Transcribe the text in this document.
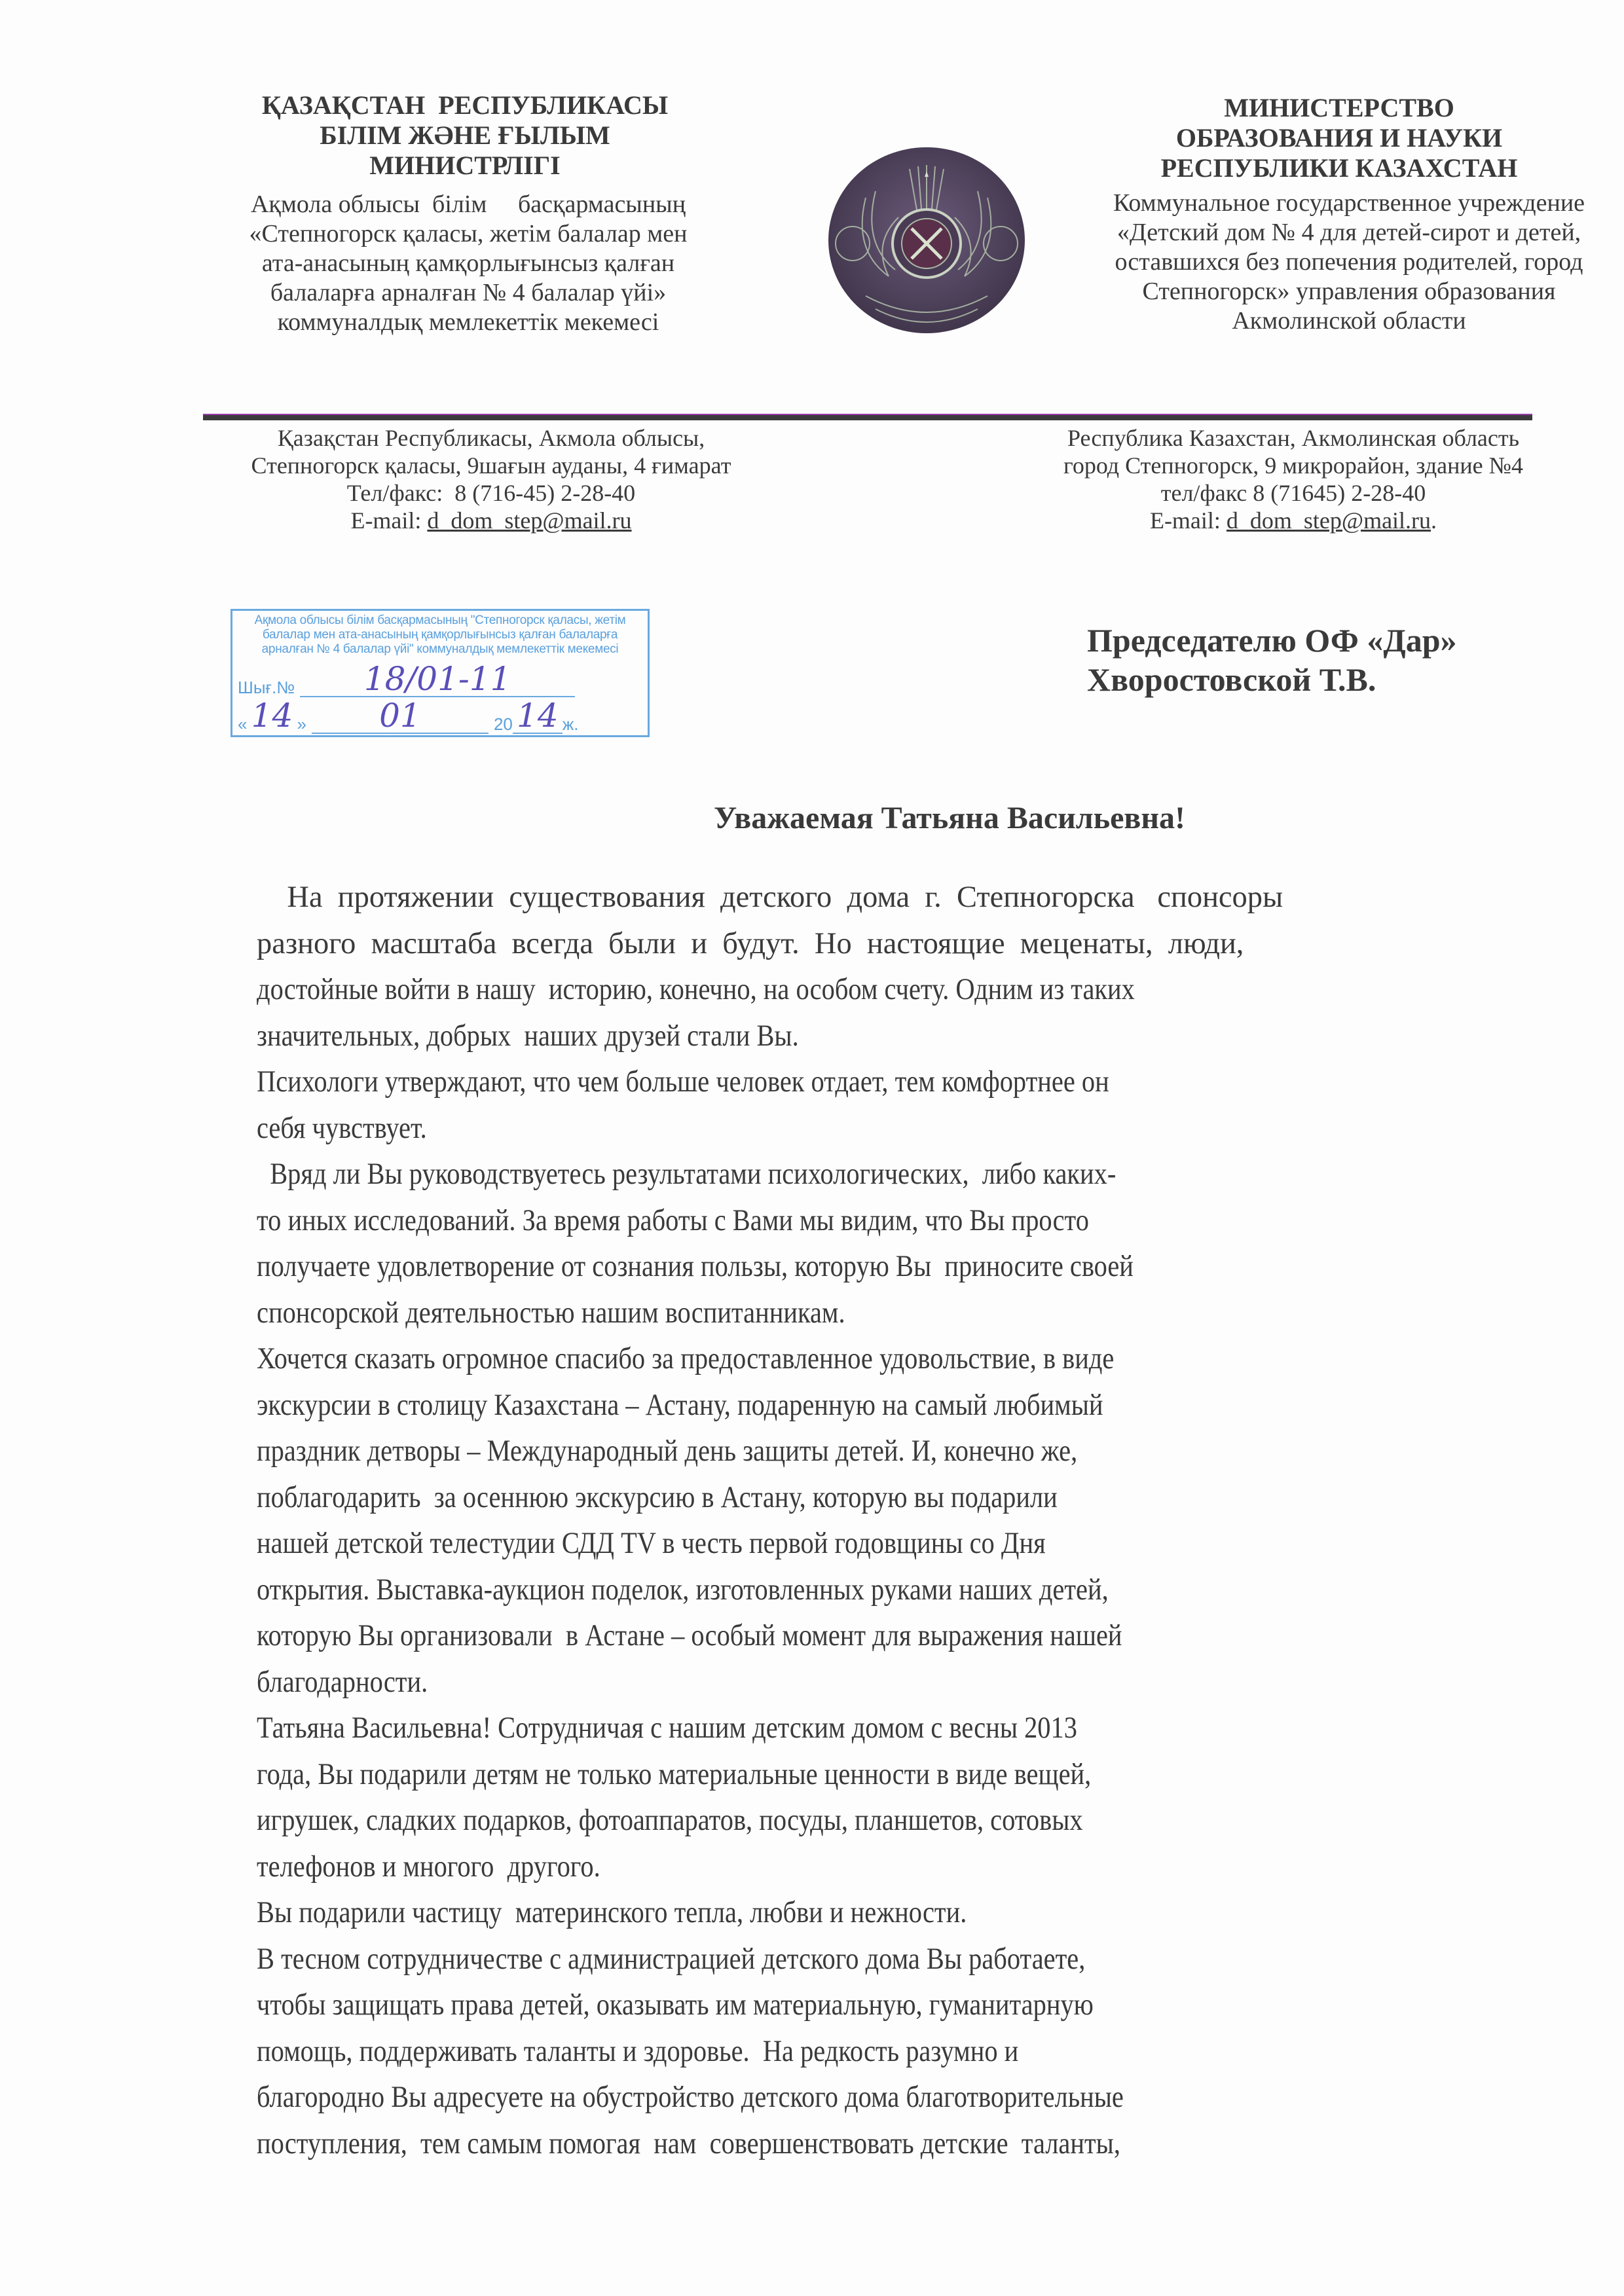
ҚАЗАҚСТАН  РЕСПУБЛИКАСЫ
БІЛІМ ЖӘНЕ ҒЫЛЫМ
МИНИСТРЛІГІ
Ақмола облысы  білім     басқармасының
«Степногорск қаласы, жетім балалар мен
ата-анасының қамқорлығынсыз қалған
балаларға арналған № 4 балалар үйі»
коммуналдық мемлекеттік мекемесі
МИНИСТЕРСТВО
ОБРАЗОВАНИЯ И НАУКИ
РЕСПУБЛИКИ КАЗАХСТАН
Коммунальное государственное учреждение
«Детский дом № 4 для детей-сирот и детей,
оставшихся без попечения родителей, город
Степногорск» управления образования
Акмолинской области
Қазақстан Республикасы, Акмола облысы,
Степногорск қаласы, 9шағын ауданы, 4 ғимарат
Тел/факс:  8 (716-45) 2-28-40
E-mail: d_dom_step@mail.ru
Республика Казахстан, Акмолинская область
город Степногорск, 9 микрорайон, здание №4
тел/факс 8 (71645) 2-28-40
E-mail: d_dom_step@mail.ru.
Ақмола облысы білім басқармасының "Степногорск қаласы, жетім
балалар мен ата-анасының қамқорлығынсыз қалған балаларға
арналған № 4 балалар үйі" коммуналдық мемлекеттік мекемесі
Шығ.№ 18/01-11
« 14 » 01	20 14 ж.
Председателю ОФ «Дар»
Хворостовской Т.В.
Уважаемая Татьяна Васильевна!
На  протяжении  существования  детского  дома  г.  Степногорска   спонсоры
разного  масштаба  всегда  были  и  будут.  Но  настоящие  меценаты,  люди,
достойные войти в нашу  историю, конечно, на особом счету. Одним из таких
значительных, добрых  наших друзей стали Вы.
Психологи утверждают, что чем больше человек отдает, тем комфортнее он
себя чувствует.
Вряд ли Вы руководствуетесь результатами психологических,  либо каких-
то иных исследований. За время работы с Вами мы видим, что Вы просто
получаете удовлетворение от сознания пользы, которую Вы  приносите своей
спонсорской деятельностью нашим воспитанникам.
Хочется сказать огромное спасибо за предоставленное удовольствие, в виде
экскурсии в столицу Казахстана – Астану, подаренную на самый любимый
праздник детворы – Международный день защиты детей. И, конечно же,
поблагодарить  за осеннюю экскурсию в Астану, которую вы подарили
нашей детской телестудии СДД TV в честь первой годовщины со Дня
открытия. Выставка-аукцион поделок, изготовленных руками наших детей,
которую Вы организовали  в Астане – особый момент для выражения нашей
благодарности.
Татьяна Васильевна! Сотрудничая с нашим детским домом с весны 2013
года, Вы подарили детям не только материальные ценности в виде вещей,
игрушек, сладких подарков, фотоаппаратов, посуды, планшетов, сотовых
телефонов и многого  другого.
Вы подарили частицу  материнского тепла, любви и нежности.
В тесном сотрудничестве с администрацией детского дома Вы работаете,
чтобы защищать права детей, оказывать им материальную, гуманитарную
помощь, поддерживать таланты и здоровье.  На редкость разумно и
благородно Вы адресуете на обустройство детского дома благотворительные
поступления,  тем самым помогая  нам  совершенствовать детские  таланты,
